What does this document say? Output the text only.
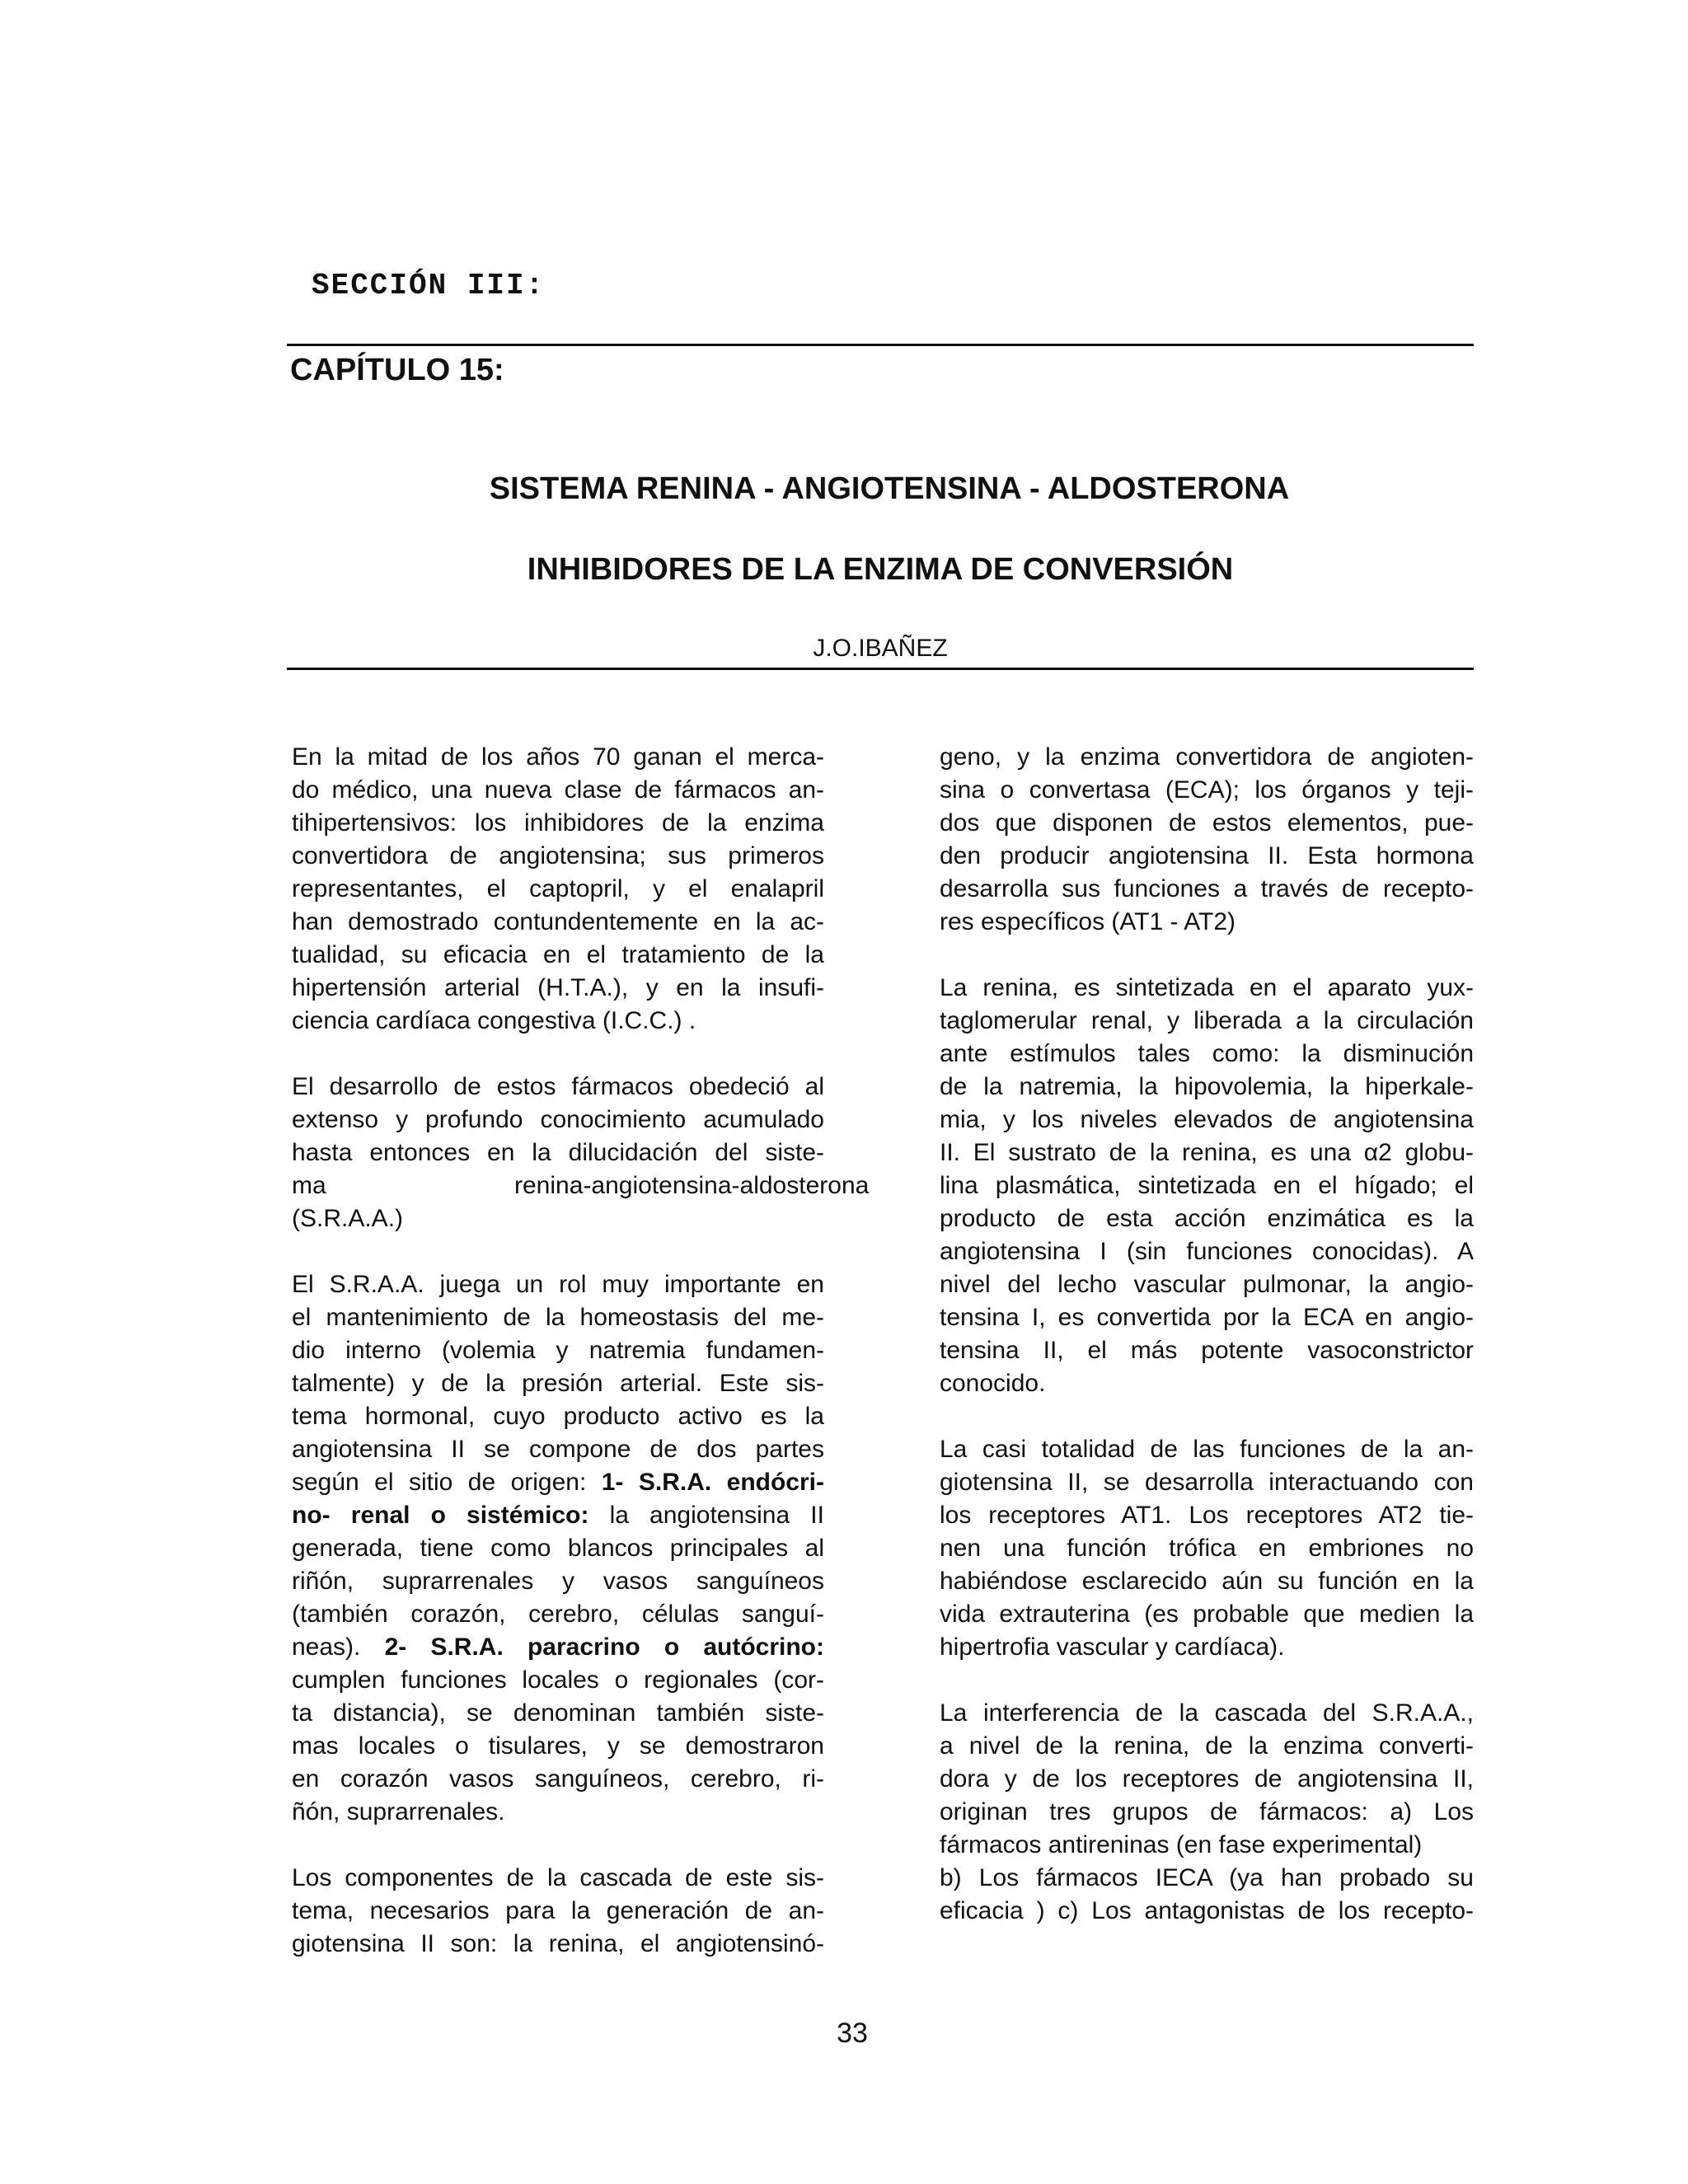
SECCIÓN III:
CAPÍTULO 15:
SISTEMA RENINA - ANGIOTENSINA - ALDOSTERONA
INHIBIDORES DE LA ENZIMA DE CONVERSIÓN
J.O.IBAÑEZ
En la mitad de los años 70 ganan el merca-
do médico, una nueva clase de fármacos an-
tihipertensivos: los inhibidores de la enzima
convertidora de angiotensina; sus primeros
representantes, el captopril, y el enalapril
han demostrado contundentemente en la ac-
tualidad, su eficacia en el tratamiento de la
hipertensión arterial (H.T.A.), y en la insufi-
ciencia cardíaca congestiva (I.C.C.) .
El desarrollo de estos fármacos obedeció al
extenso y profundo conocimiento acumulado
hasta entonces en la dilucidación del siste-
ma renina-angiotensina-aldosterona
(S.R.A.A.)
El S.R.A.A. juega un rol muy importante en
el mantenimiento de la homeostasis del me-
dio interno (volemia y natremia fundamen-
talmente) y de la presión arterial. Este sis-
tema hormonal, cuyo producto activo es la
angiotensina II se compone de dos partes
según el sitio de origen: 1- S.R.A. endócri-
no- renal o sistémico: la angiotensina II
generada, tiene como blancos principales al
riñón, suprarrenales y vasos sanguíneos
(también corazón, cerebro, células sanguí-
neas). 2- S.R.A. paracrino o autócrino:
cumplen funciones locales o regionales (cor-
ta distancia), se denominan también siste-
mas locales o tisulares, y se demostraron
en corazón vasos sanguíneos, cerebro, ri-
ñón, suprarrenales.
Los componentes de la cascada de este sis-
tema, necesarios para la generación de an-
giotensina II son: la renina, el angiotensinó-
geno, y la enzima convertidora de angioten-
sina o convertasa (ECA); los órganos y teji-
dos que disponen de estos elementos, pue-
den producir angiotensina II. Esta hormona
desarrolla sus funciones a través de recepto-
res específicos (AT1 - AT2)
La renina, es sintetizada en el aparato yux-
taglomerular renal, y liberada a la circulación
ante estímulos tales como: la disminución
de la natremia, la hipovolemia, la hiperkale-
mia, y los niveles elevados de angiotensina
II. El sustrato de la renina, es una α2 globu-
lina plasmática, sintetizada en el hígado; el
producto de esta acción enzimática es la
angiotensina I (sin funciones conocidas). A
nivel del lecho vascular pulmonar, la angio-
tensina I, es convertida por la ECA en angio-
tensina II, el más potente vasoconstrictor
conocido.
La casi totalidad de las funciones de la an-
giotensina II, se desarrolla interactuando con
los receptores AT1. Los receptores AT2 tie-
nen una función trófica en embriones no
habiéndose esclarecido aún su función en la
vida extrauterina (es probable que medien la
hipertrofia vascular y cardíaca).
La interferencia de la cascada del S.R.A.A.,
a nivel de la renina, de la enzima converti-
dora y de los receptores de angiotensina II,
originan tres grupos de fármacos: a) Los
fármacos antireninas (en fase experimental)
b) Los fármacos IECA (ya han probado su
eficacia ) c) Los antagonistas de los recepto-
33
